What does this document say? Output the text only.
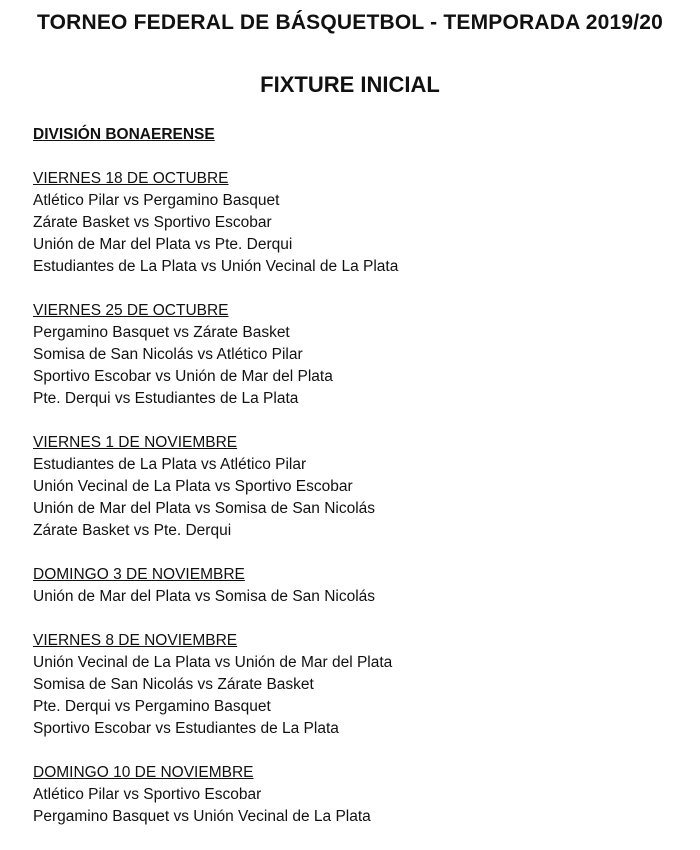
TORNEO FEDERAL DE BÁSQUETBOL - TEMPORADA 2019/20
FIXTURE INICIAL
DIVISIÓN BONAERENSE

VIERNES 18 DE OCTUBRE

Atlético Pilar vs Pergamino Basquet

Zárate Basket vs Sportivo Escobar

Unión de Mar del Plata vs Pte. Derqui

Estudiantes de La Plata vs Unión Vecinal de La Plata

VIERNES 25 DE OCTUBRE

Pergamino Basquet vs Zárate Basket

Somisa de San Nicolás vs Atlético Pilar

Sportivo Escobar vs Unión de Mar del Plata

Pte. Derqui vs Estudiantes de La Plata

VIERNES 1 DE NOVIEMBRE

Estudiantes de La Plata vs Atlético Pilar

Unión Vecinal de La Plata vs Sportivo Escobar

Unión de Mar del Plata vs Somisa de San Nicolás

Zárate Basket vs Pte. Derqui

DOMINGO 3 DE NOVIEMBRE

Unión de Mar del Plata vs Somisa de San Nicolás

VIERNES 8 DE NOVIEMBRE

Unión Vecinal de La Plata vs Unión de Mar del Plata

Somisa de San Nicolás vs Zárate Basket

Pte. Derqui vs Pergamino Basquet

Sportivo Escobar vs Estudiantes de La Plata

DOMINGO 10 DE NOVIEMBRE

Atlético Pilar vs Sportivo Escobar

Pergamino Basquet vs Unión Vecinal de La Plata
